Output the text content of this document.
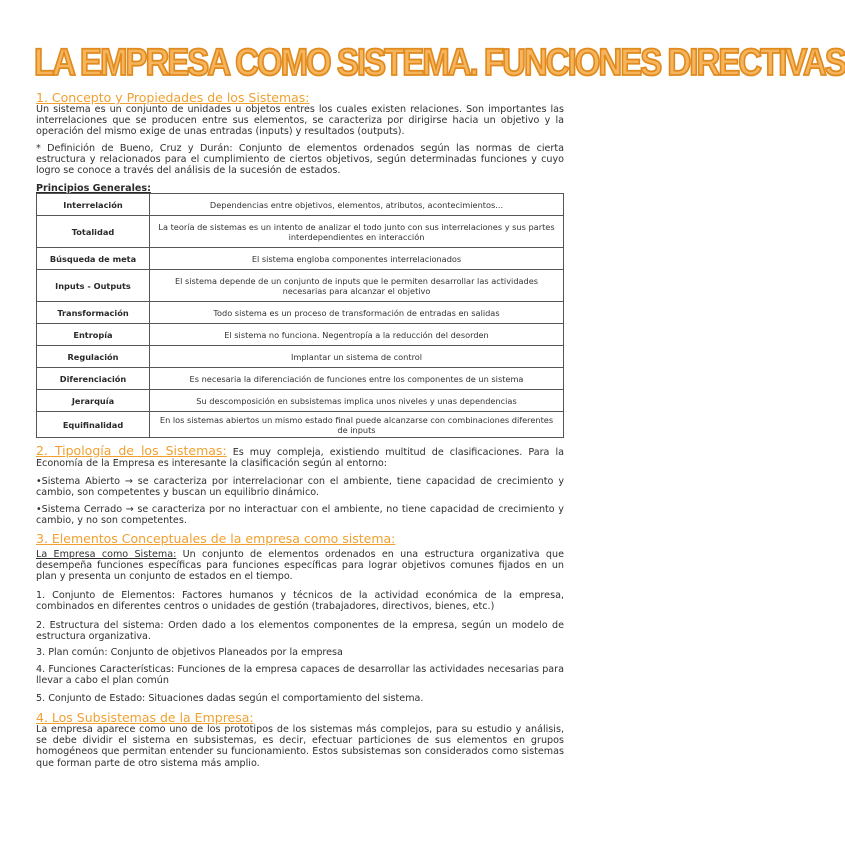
LA EMPRESA COMO SISTEMA. FUNCIONES DIRECTIVAS
1. Concepto y Propiedades de los Sistemas:
Un sistema es un conjunto de unidades u objetos entres los cuales existen relaciones. Son importantes las interrelaciones que se producen entre sus elementos, se caracteriza por dirigirse hacia un objetivo y la operación del mismo exige de unas entradas (inputs) y resultados (outputs).
* Definición de Bueno, Cruz y Durán: Conjunto de elementos ordenados según las normas de cierta estructura y relacionados para el cumplimiento de ciertos objetivos, según determinadas funciones y cuyo logro se conoce a través del análisis de la sucesión de estados.
Principios Generales:
Interrelación	Dependencias entre objetivos, elementos, atributos, acontecimientos...
Totalidad	La teoría de sistemas es un intento de analizar el todo junto con sus interrelaciones y sus partes interdependientes en interacción
Búsqueda de meta	El sistema engloba componentes interrelacionados
Inputs - Outputs	El sistema depende de un conjunto de inputs que le permiten desarrollar las actividades necesarias para alcanzar el objetivo
Transformación	Todo sistema es un proceso de transformación de entradas en salidas
Entropía	El sistema no funciona. Negentropía a la reducción del desorden
Regulación	Implantar un sistema de control
Diferenciación	Es necesaria la diferenciación de funciones entre los componentes de un sistema
Jerarquía	Su descomposición en subsistemas implica unos niveles y unas dependencias
Equifinalidad	En los sistemas abiertos un mismo estado final puede alcanzarse con combinaciones diferentes de inputs
2. Tipología de los Sistemas: Es muy compleja, existiendo multitud de clasificaciones. Para la Economía de la Empresa es interesante la clasificación según al entorno:
•Sistema Abierto → se caracteriza por interrelacionar con el ambiente, tiene capacidad de crecimiento y cambio, son competentes y buscan un equilibrio dinámico.
•Sistema Cerrado → se caracteriza por no interactuar con el ambiente, no tiene capacidad de crecimiento y cambio, y no son competentes.
3. Elementos Conceptuales de la empresa como sistema:
La Empresa como Sistema: Un conjunto de elementos ordenados en una estructura organizativa que desempeña funciones específicas para funciones específicas para lograr objetivos comunes fijados en un plan y presenta un conjunto de estados en el tiempo.
1. Conjunto de Elementos: Factores humanos y técnicos de la actividad económica de la empresa, combinados en diferentes centros o unidades de gestión (trabajadores, directivos, bienes, etc.)
2. Estructura del sistema: Orden dado a los elementos componentes de la empresa, según un modelo de estructura organizativa.
3. Plan común: Conjunto de objetivos Planeados por la empresa
4. Funciones Características: Funciones de la empresa capaces de desarrollar las actividades necesarias para llevar a cabo el plan común
5. Conjunto de Estado: Situaciones dadas según el comportamiento del sistema.
4. Los Subsistemas de la Empresa:
La empresa aparece como uno de los prototipos de los sistemas más complejos, para su estudio y análisis, se debe dividir el sistema en subsistemas, es decir, efectuar particiones de sus elementos en grupos homogéneos que permitan entender su funcionamiento. Estos subsistemas son considerados como sistemas que forman parte de otro sistema más amplio.
